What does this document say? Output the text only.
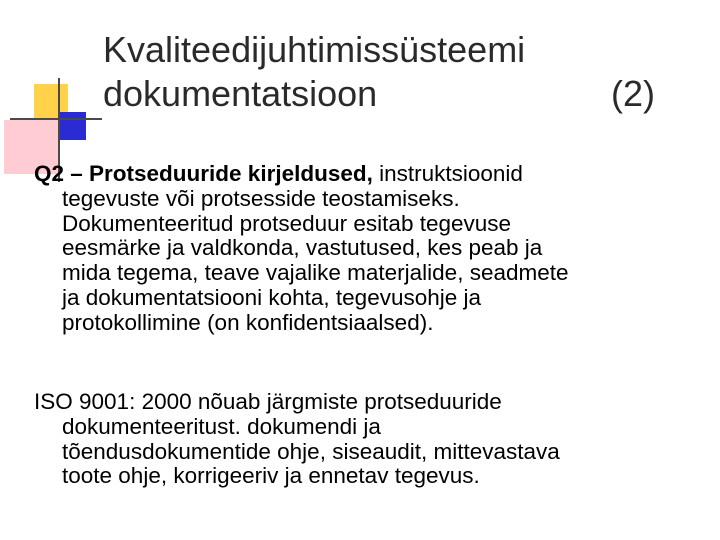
Kvaliteedijuhtimissüsteemi
dokumentatsioon	(2)

Q2 – Protseduuride kirjeldused, instruktsioonid
tegevuste või protsesside teostamiseks.
Dokumenteeritud protseduur esitab tegevuse
eesmärke ja valdkonda, vastutused, kes peab ja
mida tegema, teave vajalike materjalide, seadmete
ja dokumentatsiooni kohta, tegevusohje ja
protokollimine (on konfidentsiaalsed).

ISO 9001: 2000 nõuab järgmiste protseduuride
dokumenteeritust. dokumendi ja
tõendusdokumentide ohje, siseaudit, mittevastava
toote ohje, korrigeeriv ja ennetav tegevus.
